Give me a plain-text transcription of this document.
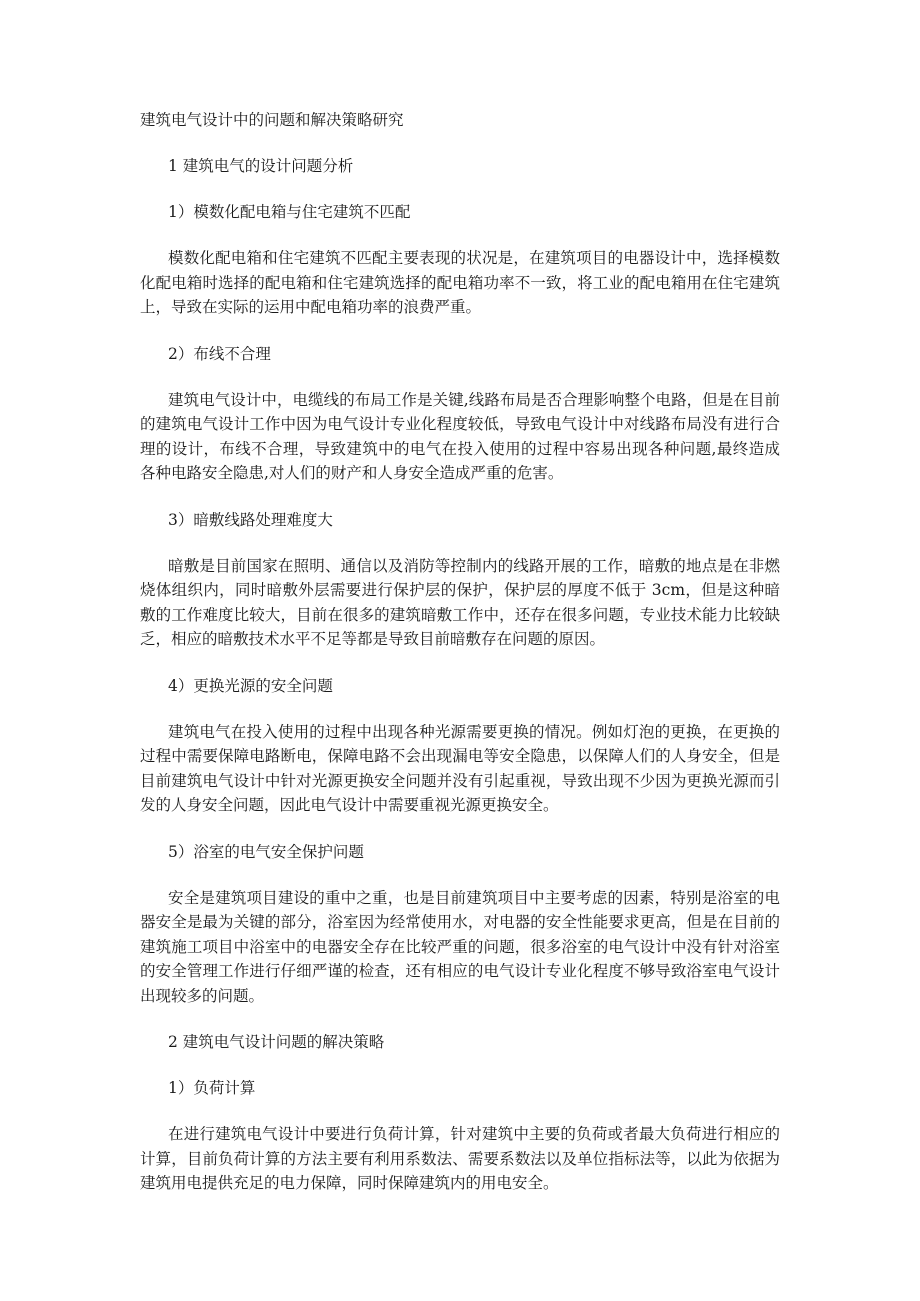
建筑电气设计中的问题和解决策略研究
1 建筑电气的设计问题分析
1）模数化配电箱与住宅建筑不匹配

模数化配电箱和住宅建筑不匹配主要表现的状况是，在建筑项目的电器设计中，选择模数化配电箱时选择的配电箱和住宅建筑选择的配电箱功率不一致，将工业的配电箱用在住宅建筑上，导致在实际的运用中配电箱功率的浪费严重。

2）布线不合理

建筑电气设计中，电缆线的布局工作是关键,线路布局是否合理影响整个电路，但是在目前的建筑电气设计工作中因为电气设计专业化程度较低，导致电气设计中对线路布局没有进行合理的设计，布线不合理，导致建筑中的电气在投入使用的过程中容易出现各种问题,最终造成各种电路安全隐患,对人们的财产和人身安全造成严重的危害。

3）暗敷线路处理难度大

暗敷是目前国家在照明、通信以及消防等控制内的线路开展的工作，暗敷的地点是在非燃烧体组织内，同时暗敷外层需要进行保护层的保护，保护层的厚度不低于 3cm，但是这种暗敷的工作难度比较大，目前在很多的建筑暗敷工作中，还存在很多问题，专业技术能力比较缺乏，相应的暗敷技术水平不足等都是导致目前暗敷存在问题的原因。

4）更换光源的安全问题

建筑电气在投入使用的过程中出现各种光源需要更换的情况。例如灯泡的更换，在更换的过程中需要保障电路断电，保障电路不会出现漏电等安全隐患，以保障人们的人身安全，但是目前建筑电气设计中针对光源更换安全问题并没有引起重视，导致出现不少因为更换光源而引发的人身安全问题，因此电气设计中需要重视光源更换安全。

5）浴室的电气安全保护问题

安全是建筑项目建设的重中之重，也是目前建筑项目中主要考虑的因素，特别是浴室的电器安全是最为关键的部分，浴室因为经常使用水，对电器的安全性能要求更高，但是在目前的建筑施工项目中浴室中的电器安全存在比较严重的问题，很多浴室的电气设计中没有针对浴室的安全管理工作进行仔细严谨的检查，还有相应的电气设计专业化程度不够导致浴室电气设计出现较多的问题。

2 建筑电气设计问题的解决策略
1）负荷计算

在进行建筑电气设计中要进行负荷计算，针对建筑中主要的负荷或者最大负荷进行相应的计算，目前负荷计算的方法主要有利用系数法、需要系数法以及单位指标法等，以此为依据为建筑用电提供充足的电力保障，同时保障建筑内的用电安全。
